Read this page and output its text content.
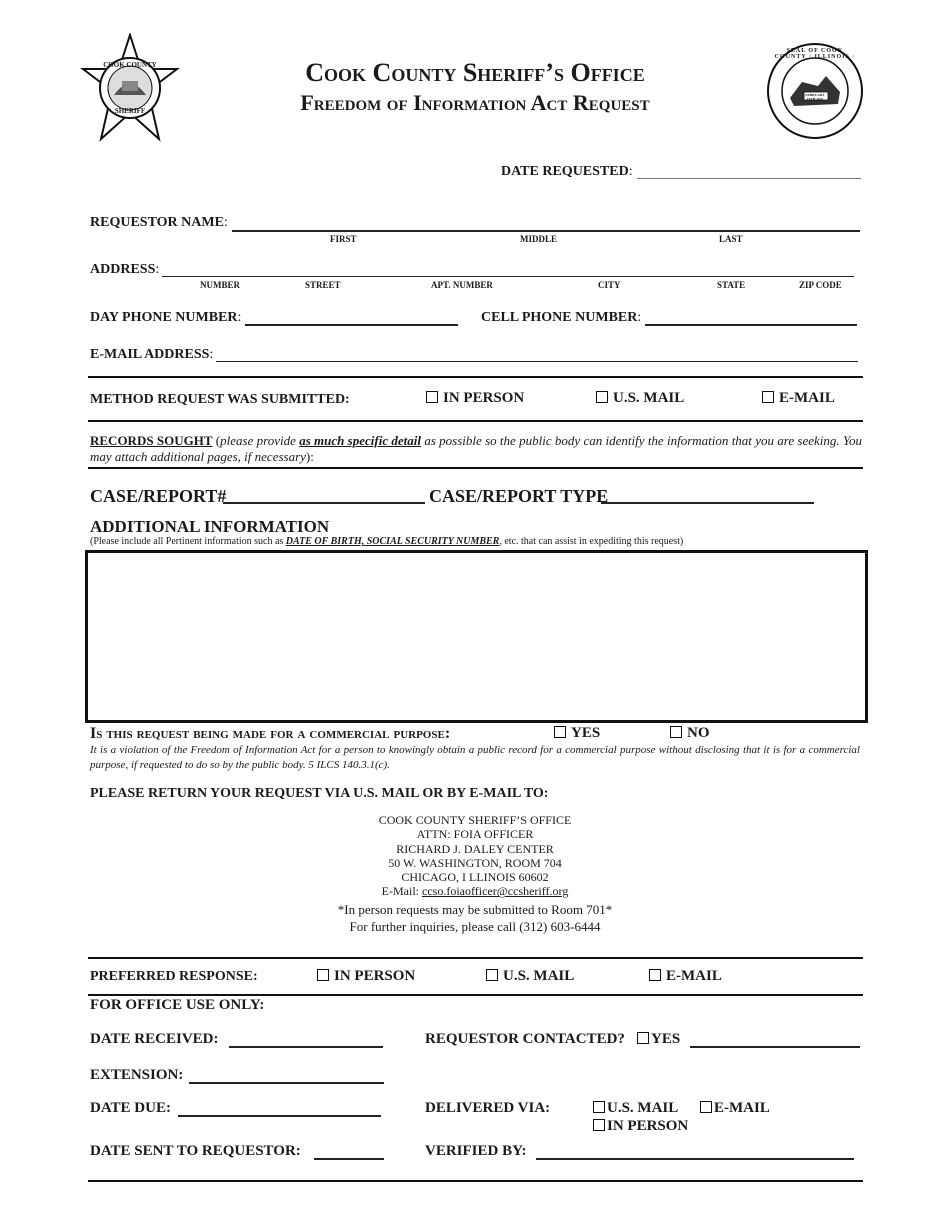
COOK COUNTY
SHERIFF
Cook County Sheriff’s Office
Freedom of Information Act Request
SEAL OF COOK COUNTY · ILLINOIS ·
FEBRUARY 15TH 1831
DATE REQUESTED:
REQUESTOR NAME:
FIRST	MIDDLE	LAST
ADDRESS:
NUMBER	STREET	APT. NUMBER	CITY	STATE	ZIP CODE
DAY PHONE NUMBER:	CELL PHONE NUMBER:
E-MAIL ADDRESS:
METHOD REQUEST WAS SUBMITTED:	IN PERSON	U.S. MAIL	E-MAIL
RECORDS SOUGHT (please provide as much specific detail as possible so the public body can identify the information that you are seeking. You may attach additional pages, if necessary):
CASE/REPORT#	CASE/REPORT TYPE
ADDITIONAL INFORMATION
(Please include all Pertinent information such as DATE OF BIRTH, SOCIAL SECURITY NUMBER, etc. that can assist in expediting this request)
Is this request being made for a commercial purpose:	YES	NO
It is a violation of the Freedom of Information Act for a person to knowingly obtain a public record for a commercial purpose without disclosing that it is for a commercial purpose, if requested to do so by the public body. 5 ILCS 140.3.1(c).
PLEASE RETURN YOUR REQUEST VIA U.S. MAIL OR BY E-MAIL TO:
COOK COUNTY SHERIFF’S OFFICE
ATTN: FOIA OFFICER
RICHARD J. DALEY CENTER
50 W. WASHINGTON, ROOM 704
CHICAGO, I LLINOIS 60602
E-Mail: ccso.foiaofficer@ccsheriff.org
*In person requests may be submitted to Room 701*
For further inquiries, please call (312) 603-6444
PREFERRED RESPONSE:	IN PERSON	U.S. MAIL	E-MAIL
FOR OFFICE USE ONLY:
DATE RECEIVED:	REQUESTOR CONTACTED?	YES
EXTENSION:
DATE DUE:	DELIVERED VIA:	U.S. MAIL	E-MAIL
IN PERSON
DATE SENT TO REQUESTOR:	VERIFIED BY:
